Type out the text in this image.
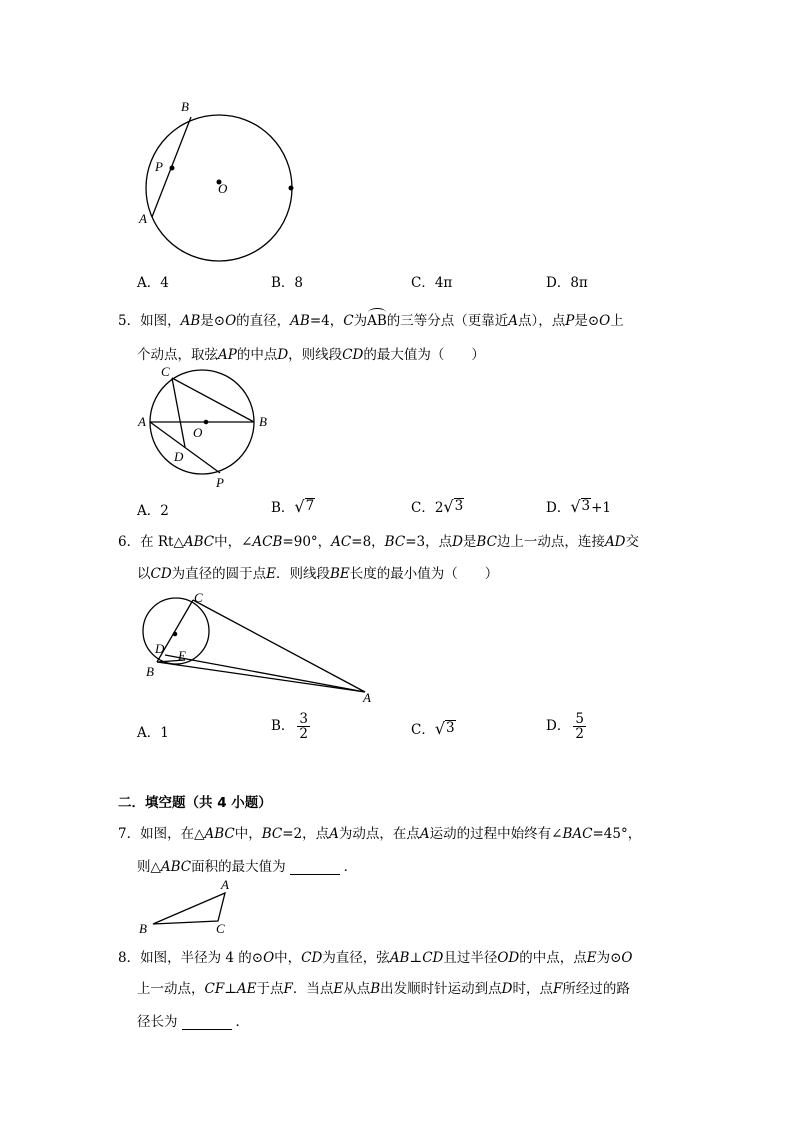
B
P
O
A
A．4	B．8	C．4π	D．8π
5．如图，AB是⊙O的直径，AB=4，C为AB的三等分点（更靠近A点），点P是⊙O上
个动点，取弦AP的中点D，则线段CD的最大值为（　　）
C
A
O
B
D
P
A．2	B． √ 7	C．2 √ 3	D． √ 3 +1
6．在 Rt△ABC中，∠ACB=90°，AC=8，BC=3，点D是BC边上一动点，连接AD交
以CD为直径的圆于点E．则线段BE长度的最小值为（　　）
C
D E
B
A
A．1	B． $\frac{3}{2}$	C． √ 3	D． $\frac{5}{2}$
二．填空题（共 4 小题）
7．如图，在△ABC中，BC=2，点A为动点，在点A运动的过程中始终有∠BAC=45°，
则△ABC面积的最大值为	．
A
B	C
8．如图，半径为 4 的⊙O中，CD为直径，弦AB⊥CD且过半径OD的中点，点E为⊙O
上一动点，CF⊥AE于点F．当点E从点B出发顺时针运动到点D时，点F所经过的路
径长为	．
